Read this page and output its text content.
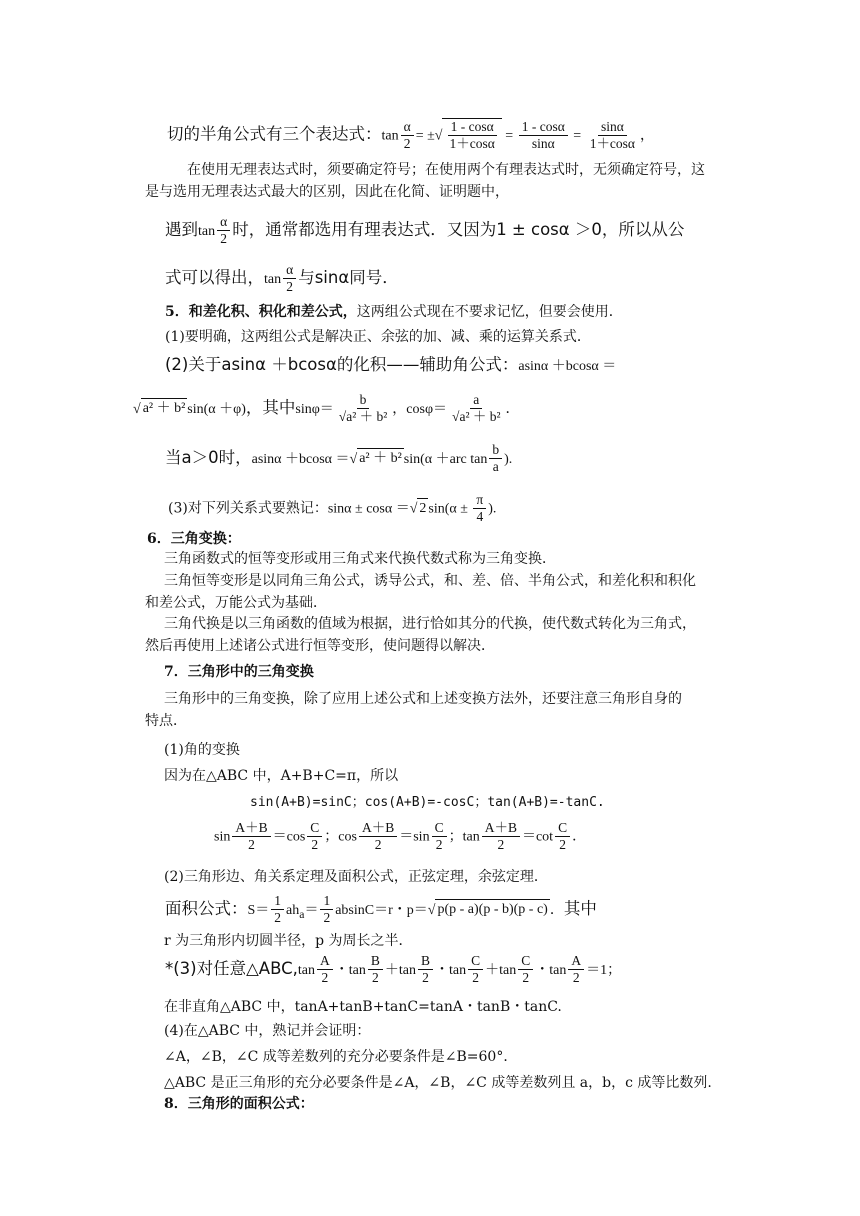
切的半角公式有三个表达式：$\tan \frac{\alpha}{2}$ = ±√ $\frac{1 - \cos\alpha}{1+\cos\alpha} = \frac{1 - \cos\alpha}{\sin\alpha} = \frac{\sin\alpha}{1+\cos\alpha}$ ，
在使用无理表达式时，须要确定符号；在使用两个有理表达式时，无须确定符号，这
是与选用无理表达式最大的区别，因此在化简、证明题中，
遇到$\tan \frac{\alpha}{2}$ 时，通常都选用有理表达式．又因为1 ± cosα ＞0，所以从公
式可以得出，$\tan \frac{\alpha}{2}$ 与sinα同号．
5．和差化积、积化和差公式，这两组公式现在不要求记忆，但要会使用．
(1)要明确，这两组公式是解决正、余弦的加、减、乘的运算关系式．
(2)关于asinα ＋bcosα的化积——辅助角公式：asinα ＋bcosα ＝
√ a² ＋ b² sin(α ＋φ)，其中$\sin\varphi= \frac{b}{\text{√a² ＋ b²}}$ ，$\cos\varphi= \frac{a}{\text{√a² ＋ b²}}$ ．
当a＞0时，asinα ＋bcosα ＝√ a² ＋ b² sin(α ＋arc $\tan \frac{b}{a}$ ).
(3)对下列关系式要熟记：sinα ± cosα ＝√ 2 $\sin(\alpha \pm \frac{\pi}{4}$ ).
6．三角变换：
三角函数式的恒等变形或用三角式来代换代数式称为三角变换．
三角恒等变形是以同角三角公式，诱导公式，和、差、倍、半角公式，和差化积和积化
和差公式，万能公式为基础．
三角代换是以三角函数的值域为根据，进行恰如其分的代换，使代数式转化为三角式，
然后再使用上述诸公式进行恒等变形，使问题得以解决．
7．三角形中的三角变换
三角形中的三角变换，除了应用上述公式和上述变换方法外，还要注意三角形自身的
特点．
(1)角的变换
因为在△ABC 中，A+B+C=π，所以
sin(A+B)=sinC；cos(A+B)=-cosC；tan(A+B)=-tanC.
$\sin \frac{A+B}{2} =\cos \frac{C}{2}$ ；$\cos \frac{A+B}{2} =\sin \frac{C}{2}$ ；$\tan \frac{A+B}{2} =\cot \frac{C}{2}$ ．
(2)三角形边、角关系定理及面积公式，正弦定理，余弦定理．
面积公式：$S= \frac{1}{2} ah_a= \frac{1}{2} absinC=r$・p＝√ p(p - a)(p - b)(p - c) ．其中
r 为三角形内切圆半径，p 为周长之半．
*(3)对任意△ABC,tan $\frac{A}{2}$ ・$\tan \frac{B}{2} +\tan \frac{B}{2}$ ・$\tan \frac{C}{2} +\tan \frac{C}{2}$ ・$\tan \frac{A}{2} =1$；
在非直角△ABC 中，tanA+tanB+tanC=tanA・tanB・tanC.
(4)在△ABC 中，熟记并会证明：
∠A，∠B，∠C 成等差数列的充分必要条件是∠B=60°．
△ABC 是正三角形的充分必要条件是∠A，∠B，∠C 成等差数列且 a，b，c 成等比数列.
8．三角形的面积公式：
